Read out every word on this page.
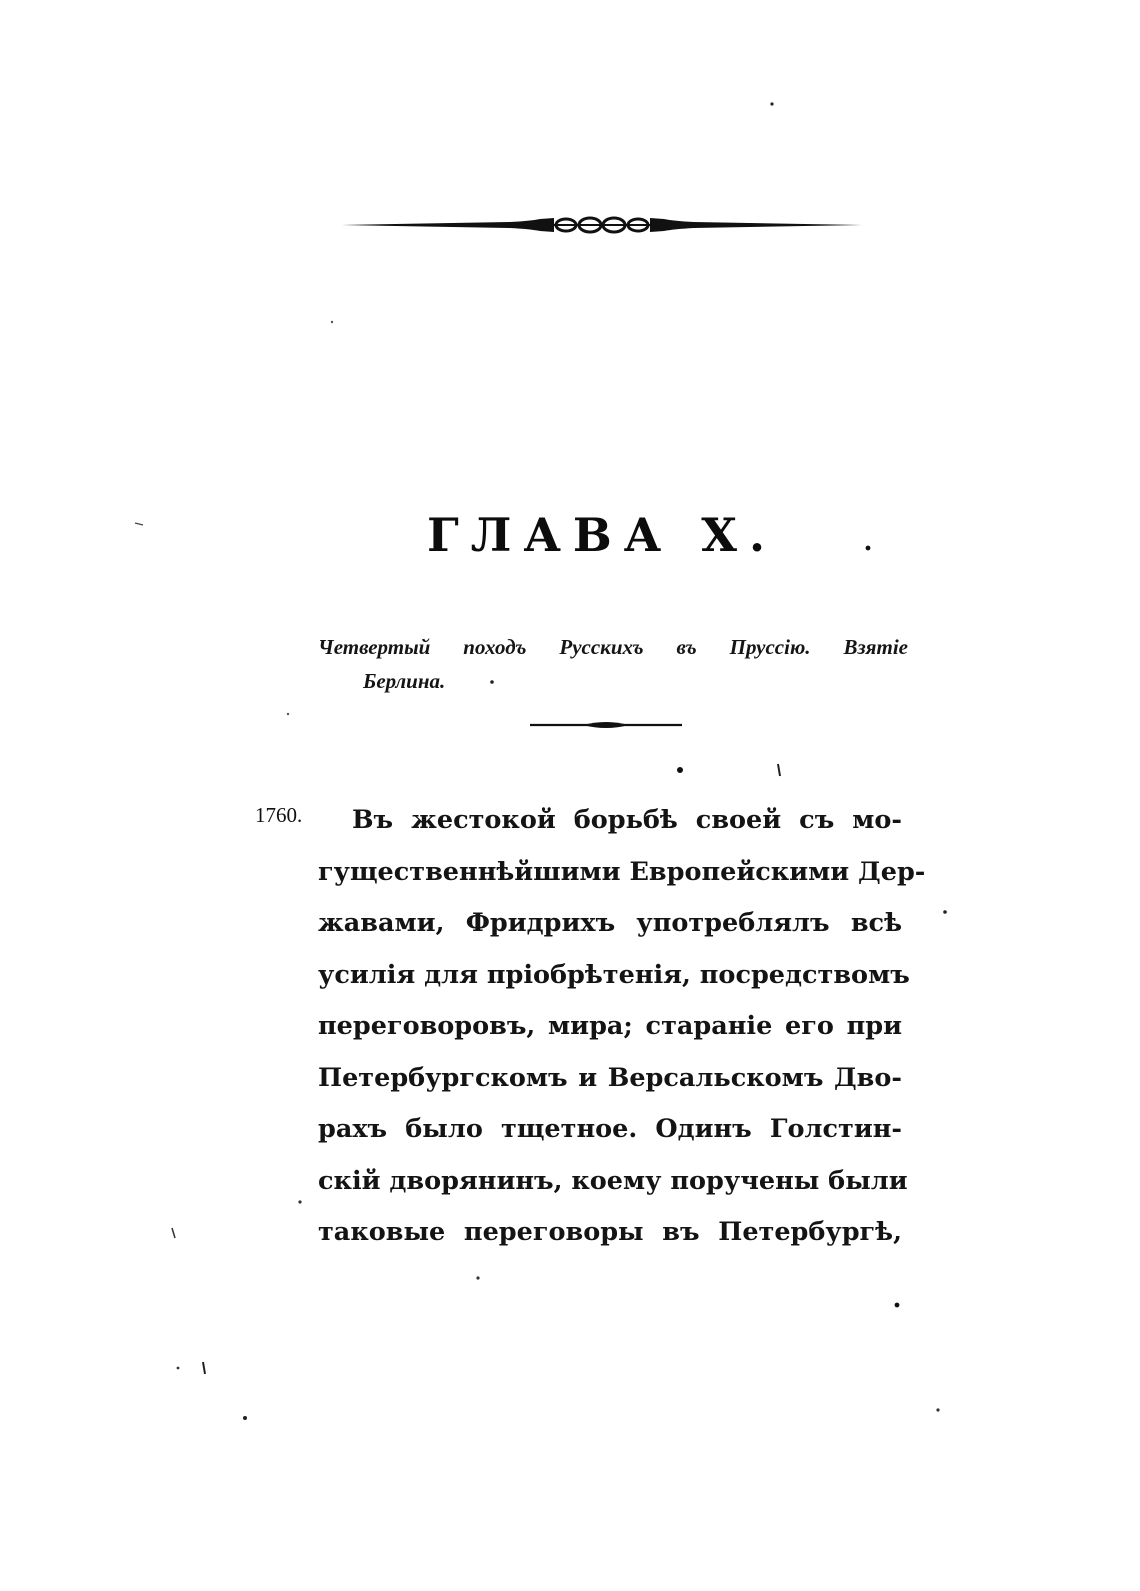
ГЛАВА X.

Четвертый походъ Русскихъ въ Пруссію. Взятіе
Берлина.

1760.	Въ жестокой борьбѣ своей съ мо-
гущественнѣйшими Европейскими Дер-
жавами, Фридрихъ употреблялъ всѣ
усилія для пріобрѣтенія, посредствомъ
переговоровъ, мира; стараніе его при
Петербургскомъ и Версальскомъ Дво-
рахъ было тщетное. Одинъ Голстин-
скій дворянинъ, коему поручены были
таковые переговоры въ Петербургѣ,
